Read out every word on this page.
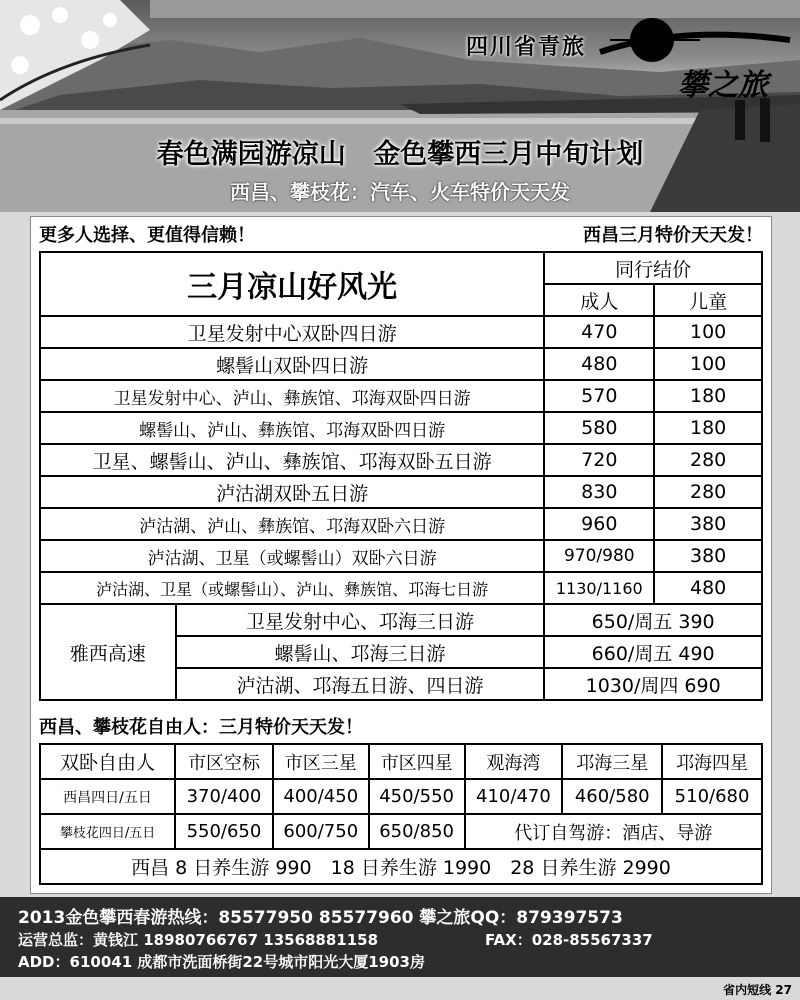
四川省青旅
攀之旅
春色满园游凉山 金色攀西三月中旬计划
西昌、攀枝花：汽车、火车特价天天发
更多人选择、更值得信赖！	西昌三月特价天天发！
三月凉山好风光		同行结价	
		成人	儿童
卫星发射中心双卧四日游		470	100
螺髻山双卧四日游		480	100
卫星发射中心、泸山、彝族馆、邛海双卧四日游		570	180
螺髻山、泸山、彝族馆、邛海双卧四日游		580	180
卫星、螺髻山、泸山、彝族馆、邛海双卧五日游		720	280
泸沽湖双卧五日游		830	280
泸沽湖、泸山、彝族馆、邛海双卧六日游		960	380
泸沽湖、卫星（或螺髻山）双卧六日游		970/980	380
泸沽湖、卫星（或螺髻山）、泸山、彝族馆、邛海七日游		1130/1160	480
雅西高速	卫星发射中心、邛海三日游	650/周五 390	
	螺髻山、邛海三日游	660/周五 490	
	泸沽湖、邛海五日游、四日游	1030/周四 690	
西昌、攀枝花自由人：三月特价天天发！
双卧自由人	市区空标	市区三星	市区四星	观海湾	邛海三星	邛海四星
西昌四日/五日	370/400	400/450	450/550	410/470	460/580	510/680
攀枝花四日/五日	550/650	600/750	650/850	代订自驾游：酒店、导游		
西昌 8 日养生游 990　18 日养生游 1990　28 日养生游 2990						
2013金色攀西春游热线：85577950 85577960 攀之旅QQ：879397573
运营总监：黄钱江 18980766767 13568881158	FAX：028-85567337
ADD：610041 成都市洗面桥街22号城市阳光大厦1903房
省内短线 27
